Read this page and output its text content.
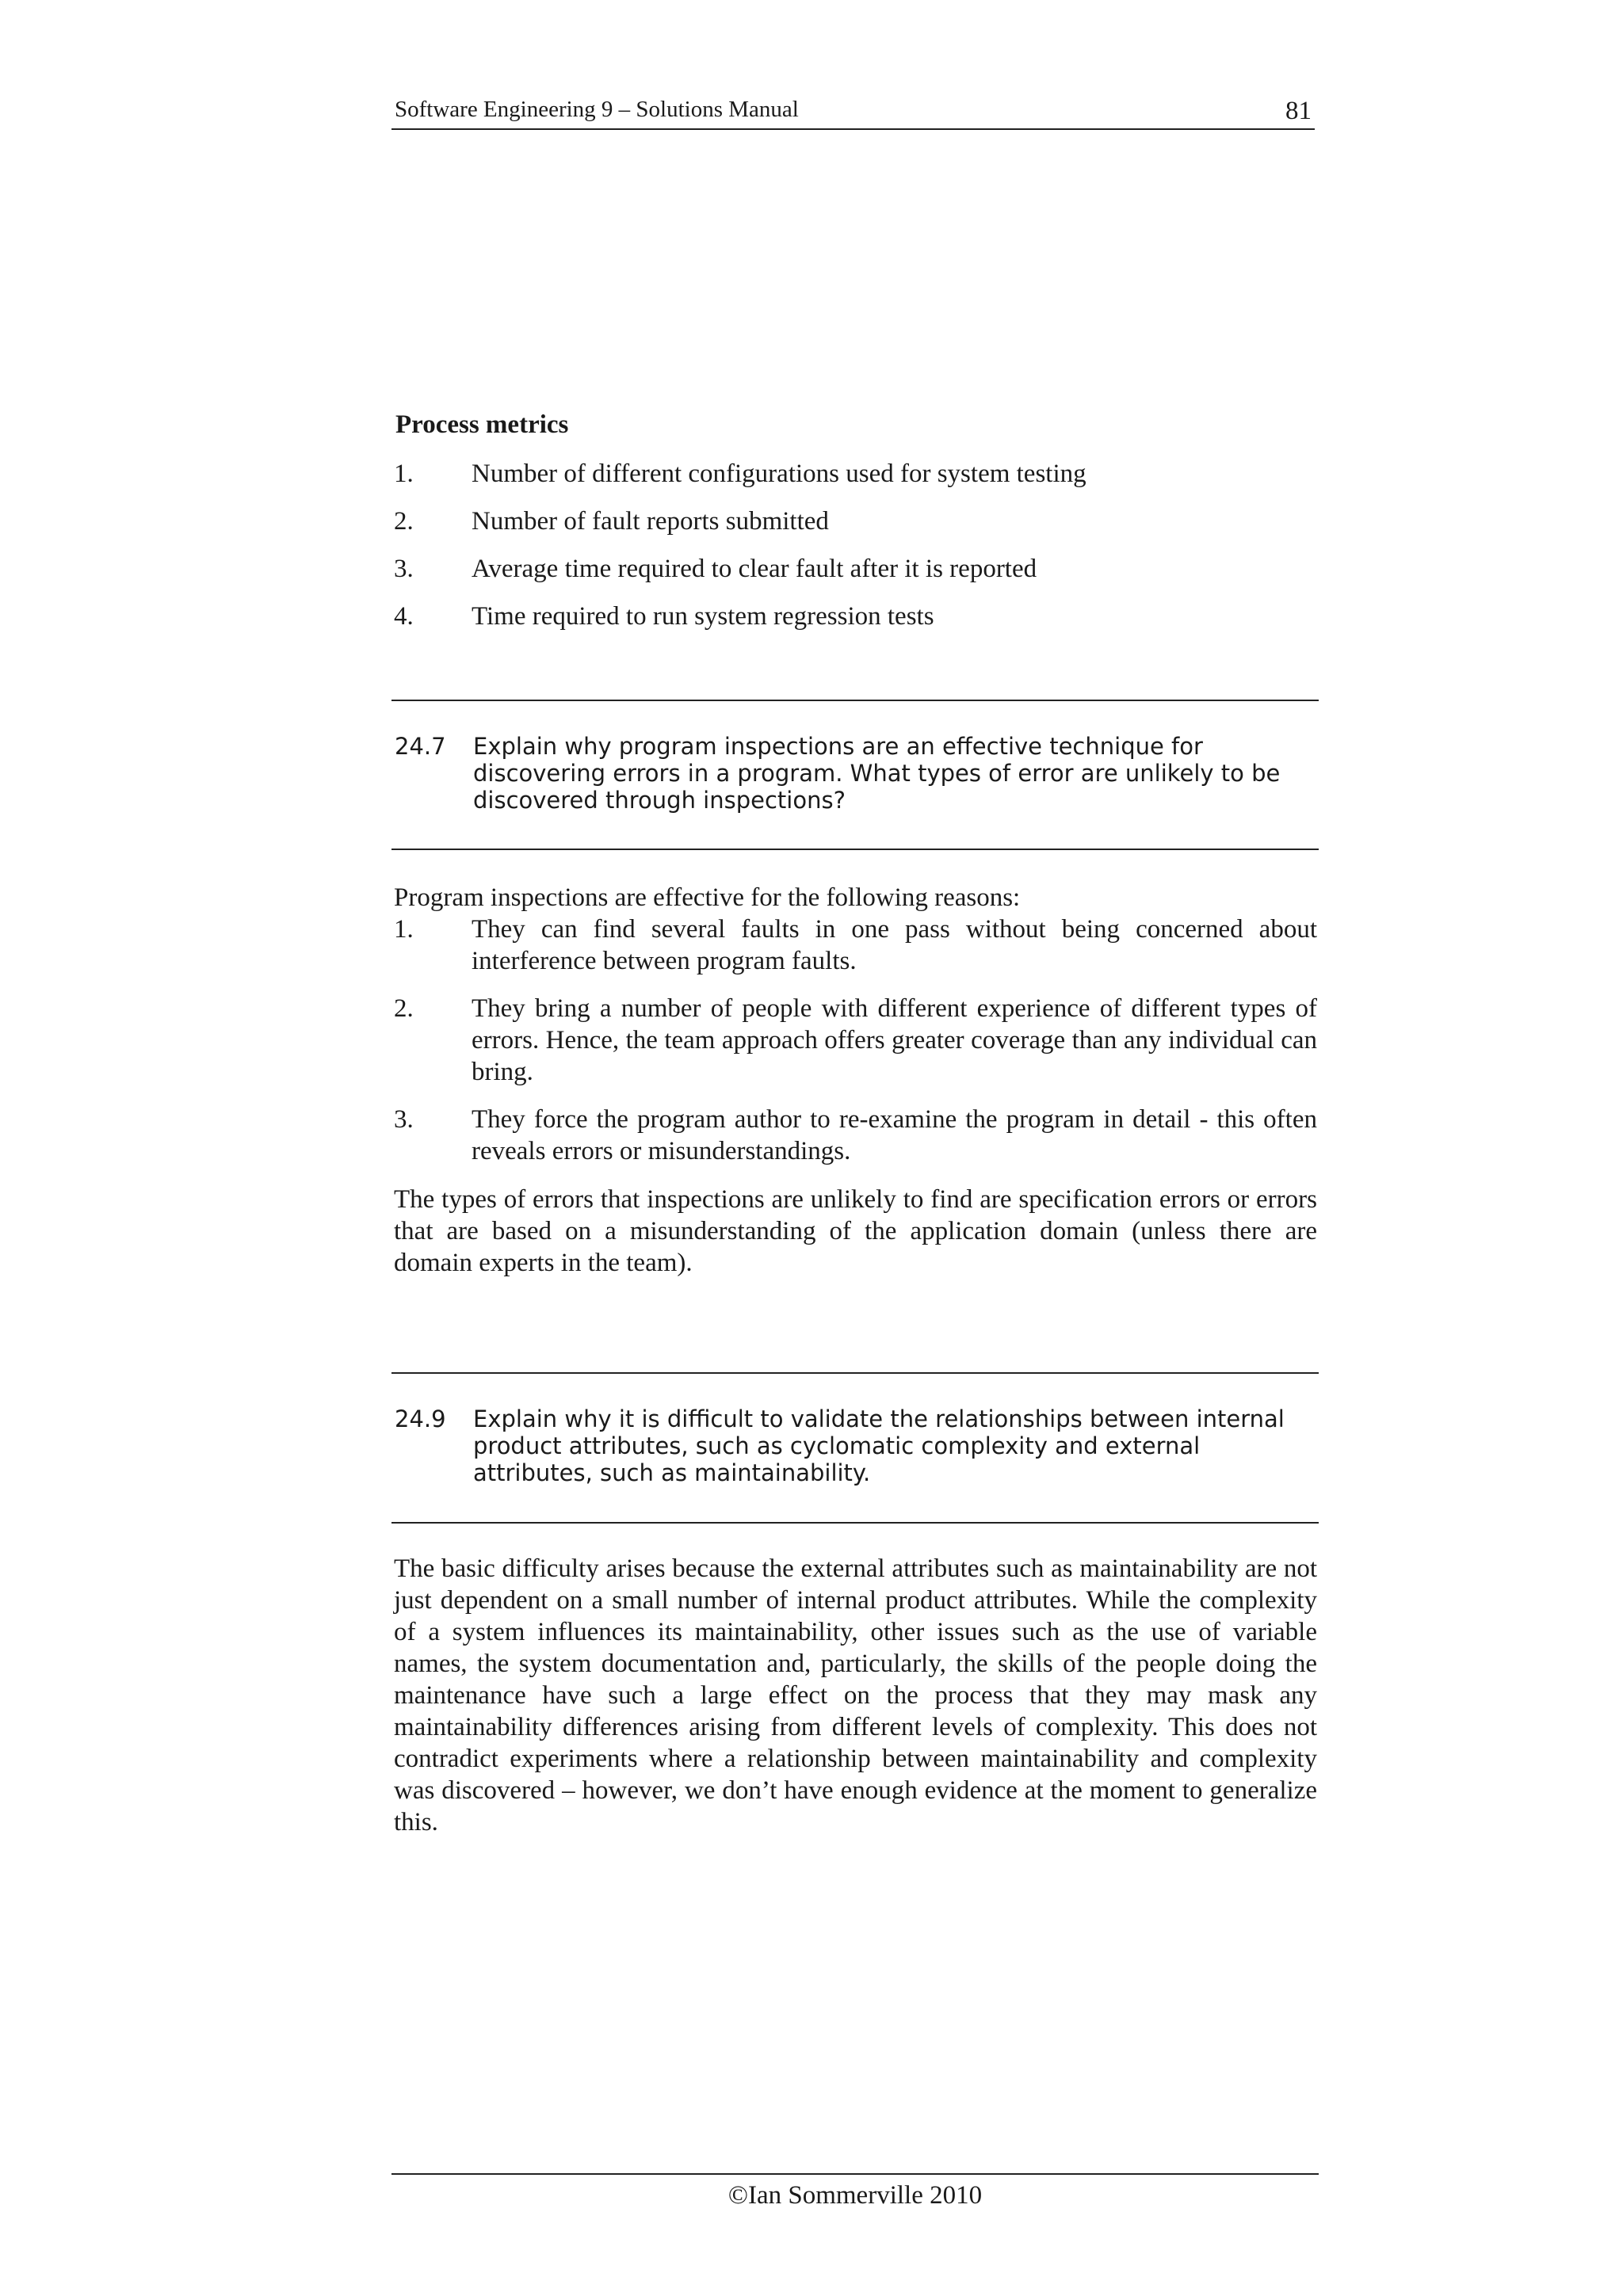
Software Engineering 9 – Solutions Manual	81
Process metrics
1. Number of different configurations used for system testing
2. Number of fault reports submitted
3. Average time required to clear fault after it is reported
4. Time required to run system regression tests
24.7 Explain why program inspections are an effective technique for discovering errors in a program. What types of error are unlikely to be discovered through inspections?

Program inspections are effective for the following reasons:

1. They can find several faults in one pass without being concerned about interference between program faults.
2. They bring a number of people with different experience of different types of errors. Hence, the team approach offers greater coverage than any individual can bring.
3. They force the program author to re-examine the program in detail - this often reveals errors or misunderstandings.

The types of errors that inspections are unlikely to find are specification errors or errors that are based on a misunderstanding of the application domain (unless there are domain experts in the team).

24.9 Explain why it is difficult to validate the relationships between internal product attributes, such as cyclomatic complexity and external attributes, such as maintainability.

The basic difficulty arises because the external attributes such as maintainability are not just dependent on a small number of internal product attributes. While the complexity of a system influences its maintainability, other issues such as the use of variable names, the system documentation and, particularly, the skills of the people doing the maintenance have such a large effect on the process that they may mask any maintainability differences arising from different levels of complexity. This does not contradict experiments where a relationship between maintainability and complexity was discovered – however, we don’t have enough evidence at the moment to generalize this.

©Ian Sommerville 2010
